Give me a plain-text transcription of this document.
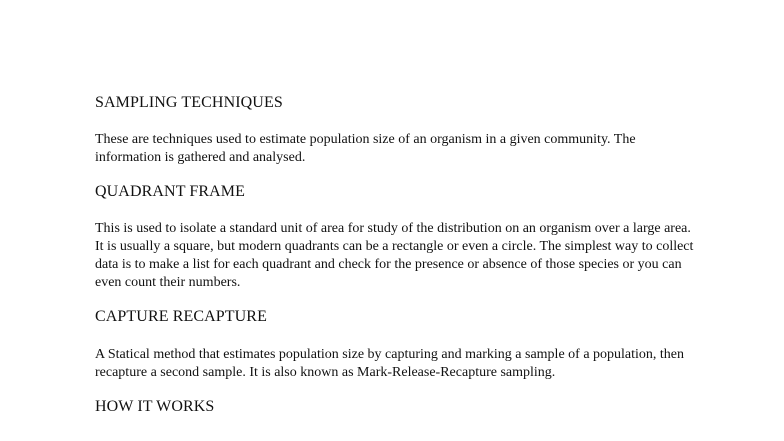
SAMPLING TECHNIQUES

These are techniques used to estimate population size of an organism in a given community. The information is gathered and analysed.

QUADRANT FRAME

This is used to isolate a standard unit of area for study of the distribution on an organism over a large area. It is usually a square, but modern quadrants can be a rectangle or even a circle. The simplest way to collect data is to make a list for each quadrant and check for the presence or absence of those species or you can even count their numbers.

CAPTURE RECAPTURE

A Statical method that estimates population size by capturing and marking a sample of a population, then recapture a second sample. It is also known as Mark-Release-Recapture sampling.

HOW IT WORKS
